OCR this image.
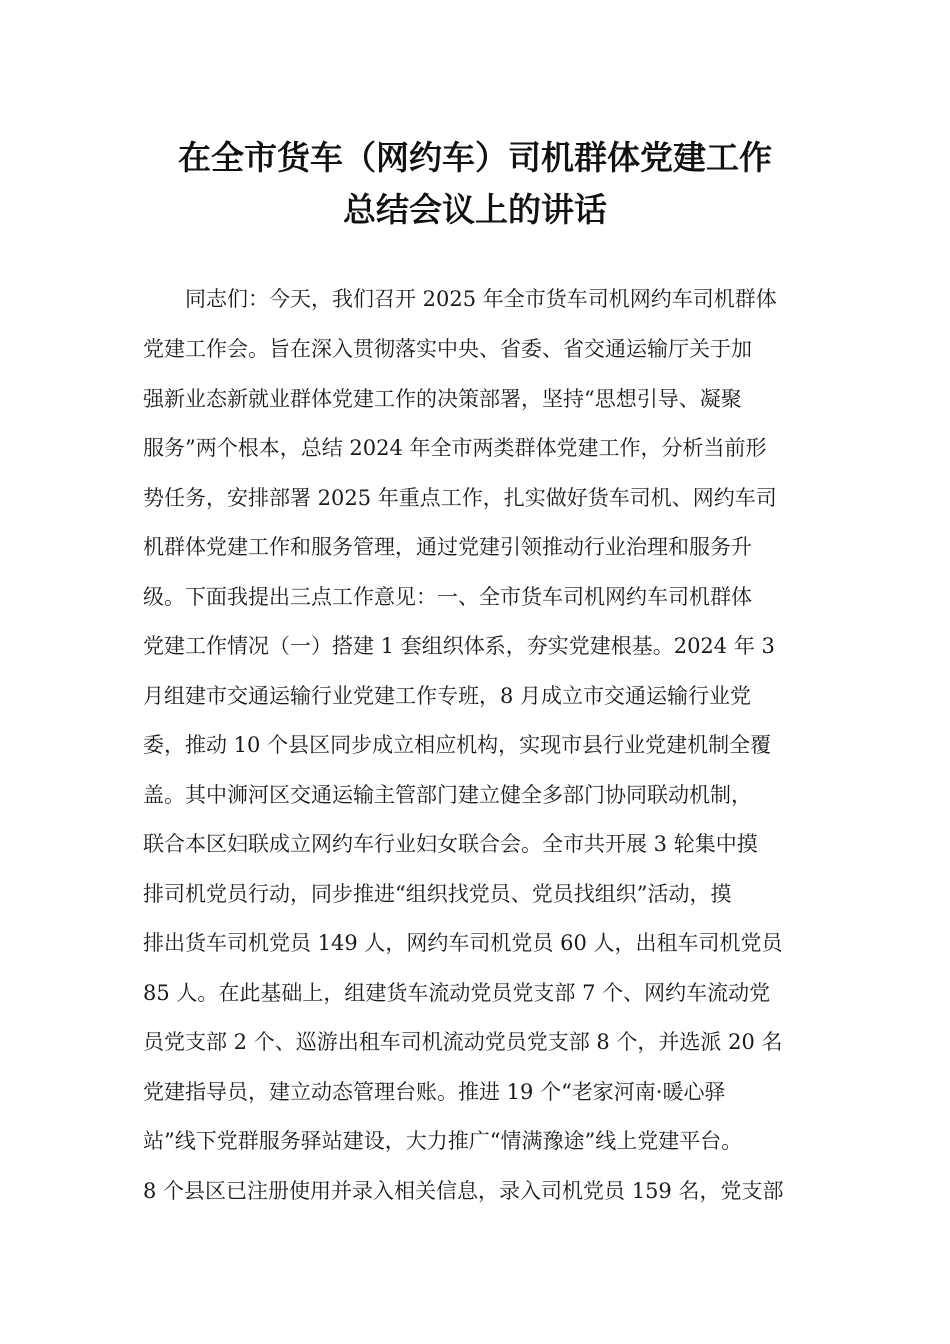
在全市货车（网约车）司机群体党建工作
总结会议上的讲话
　　同志们：今天，我们召开 2025 年全市货车司机网约车司机群体
党建工作会。旨在深入贯彻落实中央、省委、省交通运输厅关于加
强新业态新就业群体党建工作的决策部署，坚持“思想引导、凝聚
服务”两个根本，总结 2024 年全市两类群体党建工作，分析当前形
势任务，安排部署 2025 年重点工作，扎实做好货车司机、网约车司
机群体党建工作和服务管理，通过党建引领推动行业治理和服务升
级。下面我提出三点工作意见：一、全市货车司机网约车司机群体
党建工作情况（一）搭建 1 套组织体系，夯实党建根基。2024 年 3
月组建市交通运输行业党建工作专班，8 月成立市交通运输行业党
委，推动 10 个县区同步成立相应机构，实现市县行业党建机制全覆
盖。其中浉河区交通运输主管部门建立健全多部门协同联动机制，
联合本区妇联成立网约车行业妇女联合会。全市共开展 3 轮集中摸
排司机党员行动，同步推进“组织找党员、党员找组织”活动，摸
排出货车司机党员 149 人，网约车司机党员 60 人，出租车司机党员
85 人。在此基础上，组建货车流动党员党支部 7 个、网约车流动党
员党支部 2 个、巡游出租车司机流动党员党支部 8 个，并选派 20 名
党建指导员，建立动态管理台账。推进 19 个“老家河南·暖心驿
站”线下党群服务驿站建设，大力推广“情满豫途”线上党建平台。
8 个县区已注册使用并录入相关信息，录入司机党员 159 名，党支部
